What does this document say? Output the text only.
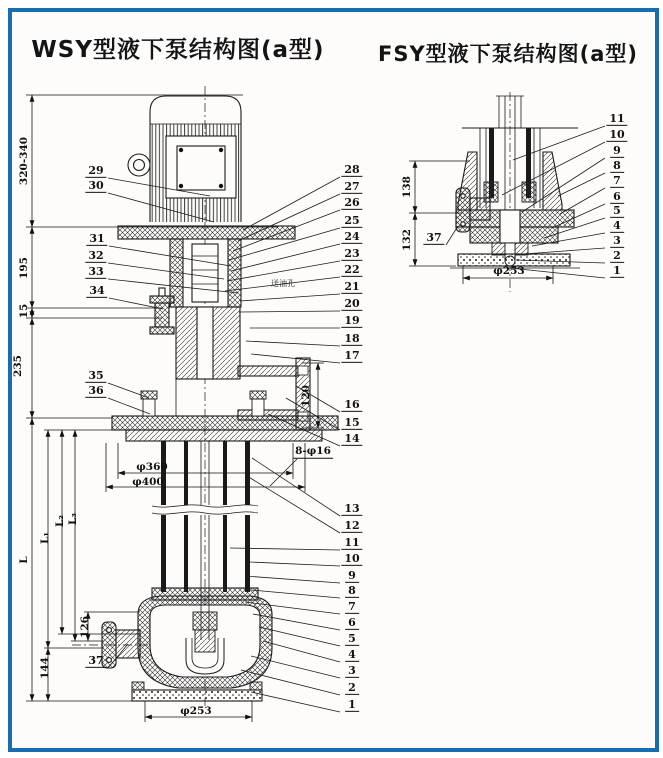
WSY型液下泵结构图(a型)	FSY型液下泵结构图(a型)
28
27
26
25
24
23
22
21
20
19
18
17
16
15
14
13
12
11
10
9
8
7
6
5
4
3
2
1
29
30
31
32
33
34
35
36
37
11
10
9
8
7
6
5
4
3
2
1
37
320-340
195
15
235
L
L₁
L₂ L₃
126
144
φ360
φ400
φ253
8-φ16
120
送油孔
138
132
φ253
